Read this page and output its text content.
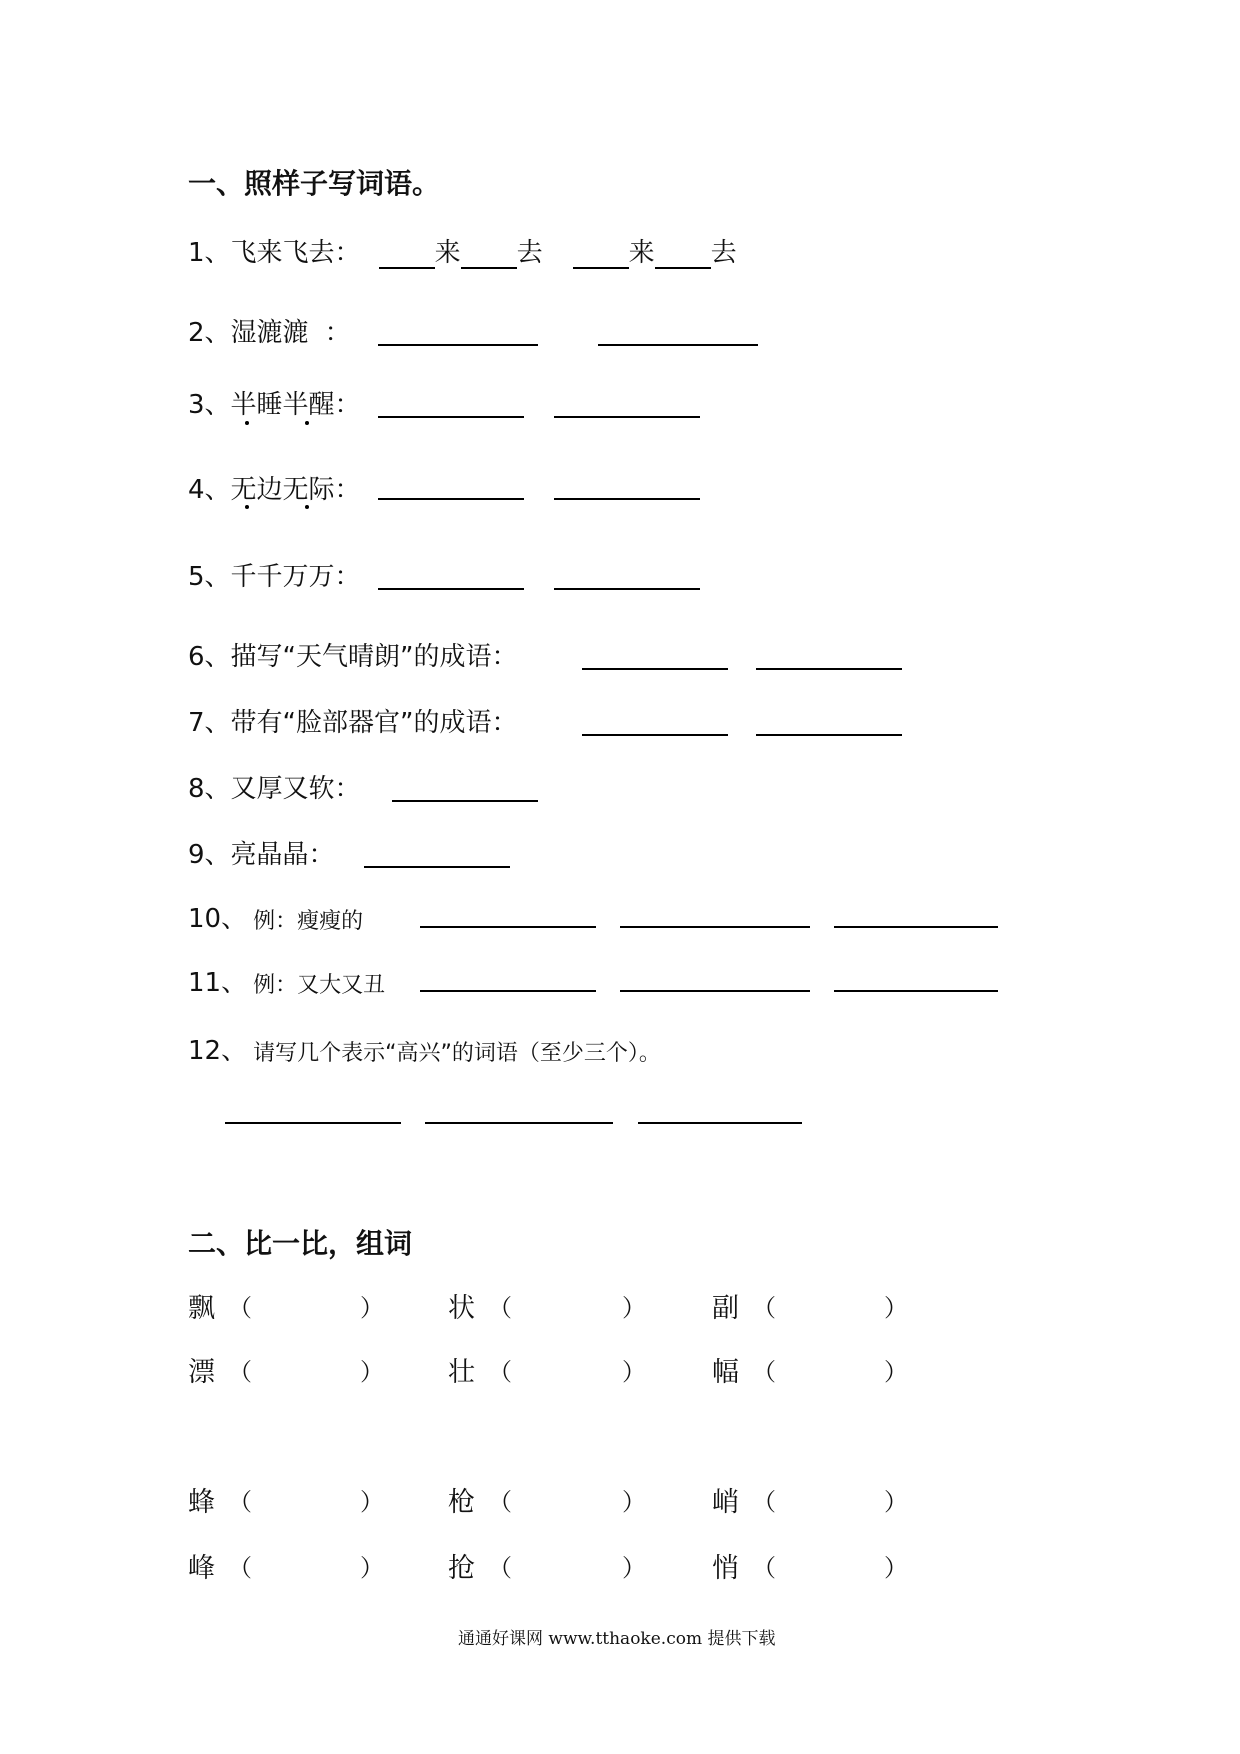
一、照样子写词语。
1、 飞来飞去：	来 去	来 去
2、 湿漉漉 ：
3、 半睡半醒：
4、 无边无际：
5、 千千万万：
6、 描写“天气晴朗”的成语：
7、 带有“脸部器官”的成语：
8、 又厚又软：
9、 亮晶晶：
10、 例：瘦瘦的
11、 例：又大又丑
12、 请写几个表示“高兴”的词语（至少三个）。
二、比一比，组词
飘 （	） 状 （	） 副 （	）
漂 （	） 壮 （	） 幅 （	）
蜂 （	） 枪 （	） 峭 （	）
峰 （	） 抢 （	） 悄 （	）
通通好课网 www.tthaoke.com 提供下载
